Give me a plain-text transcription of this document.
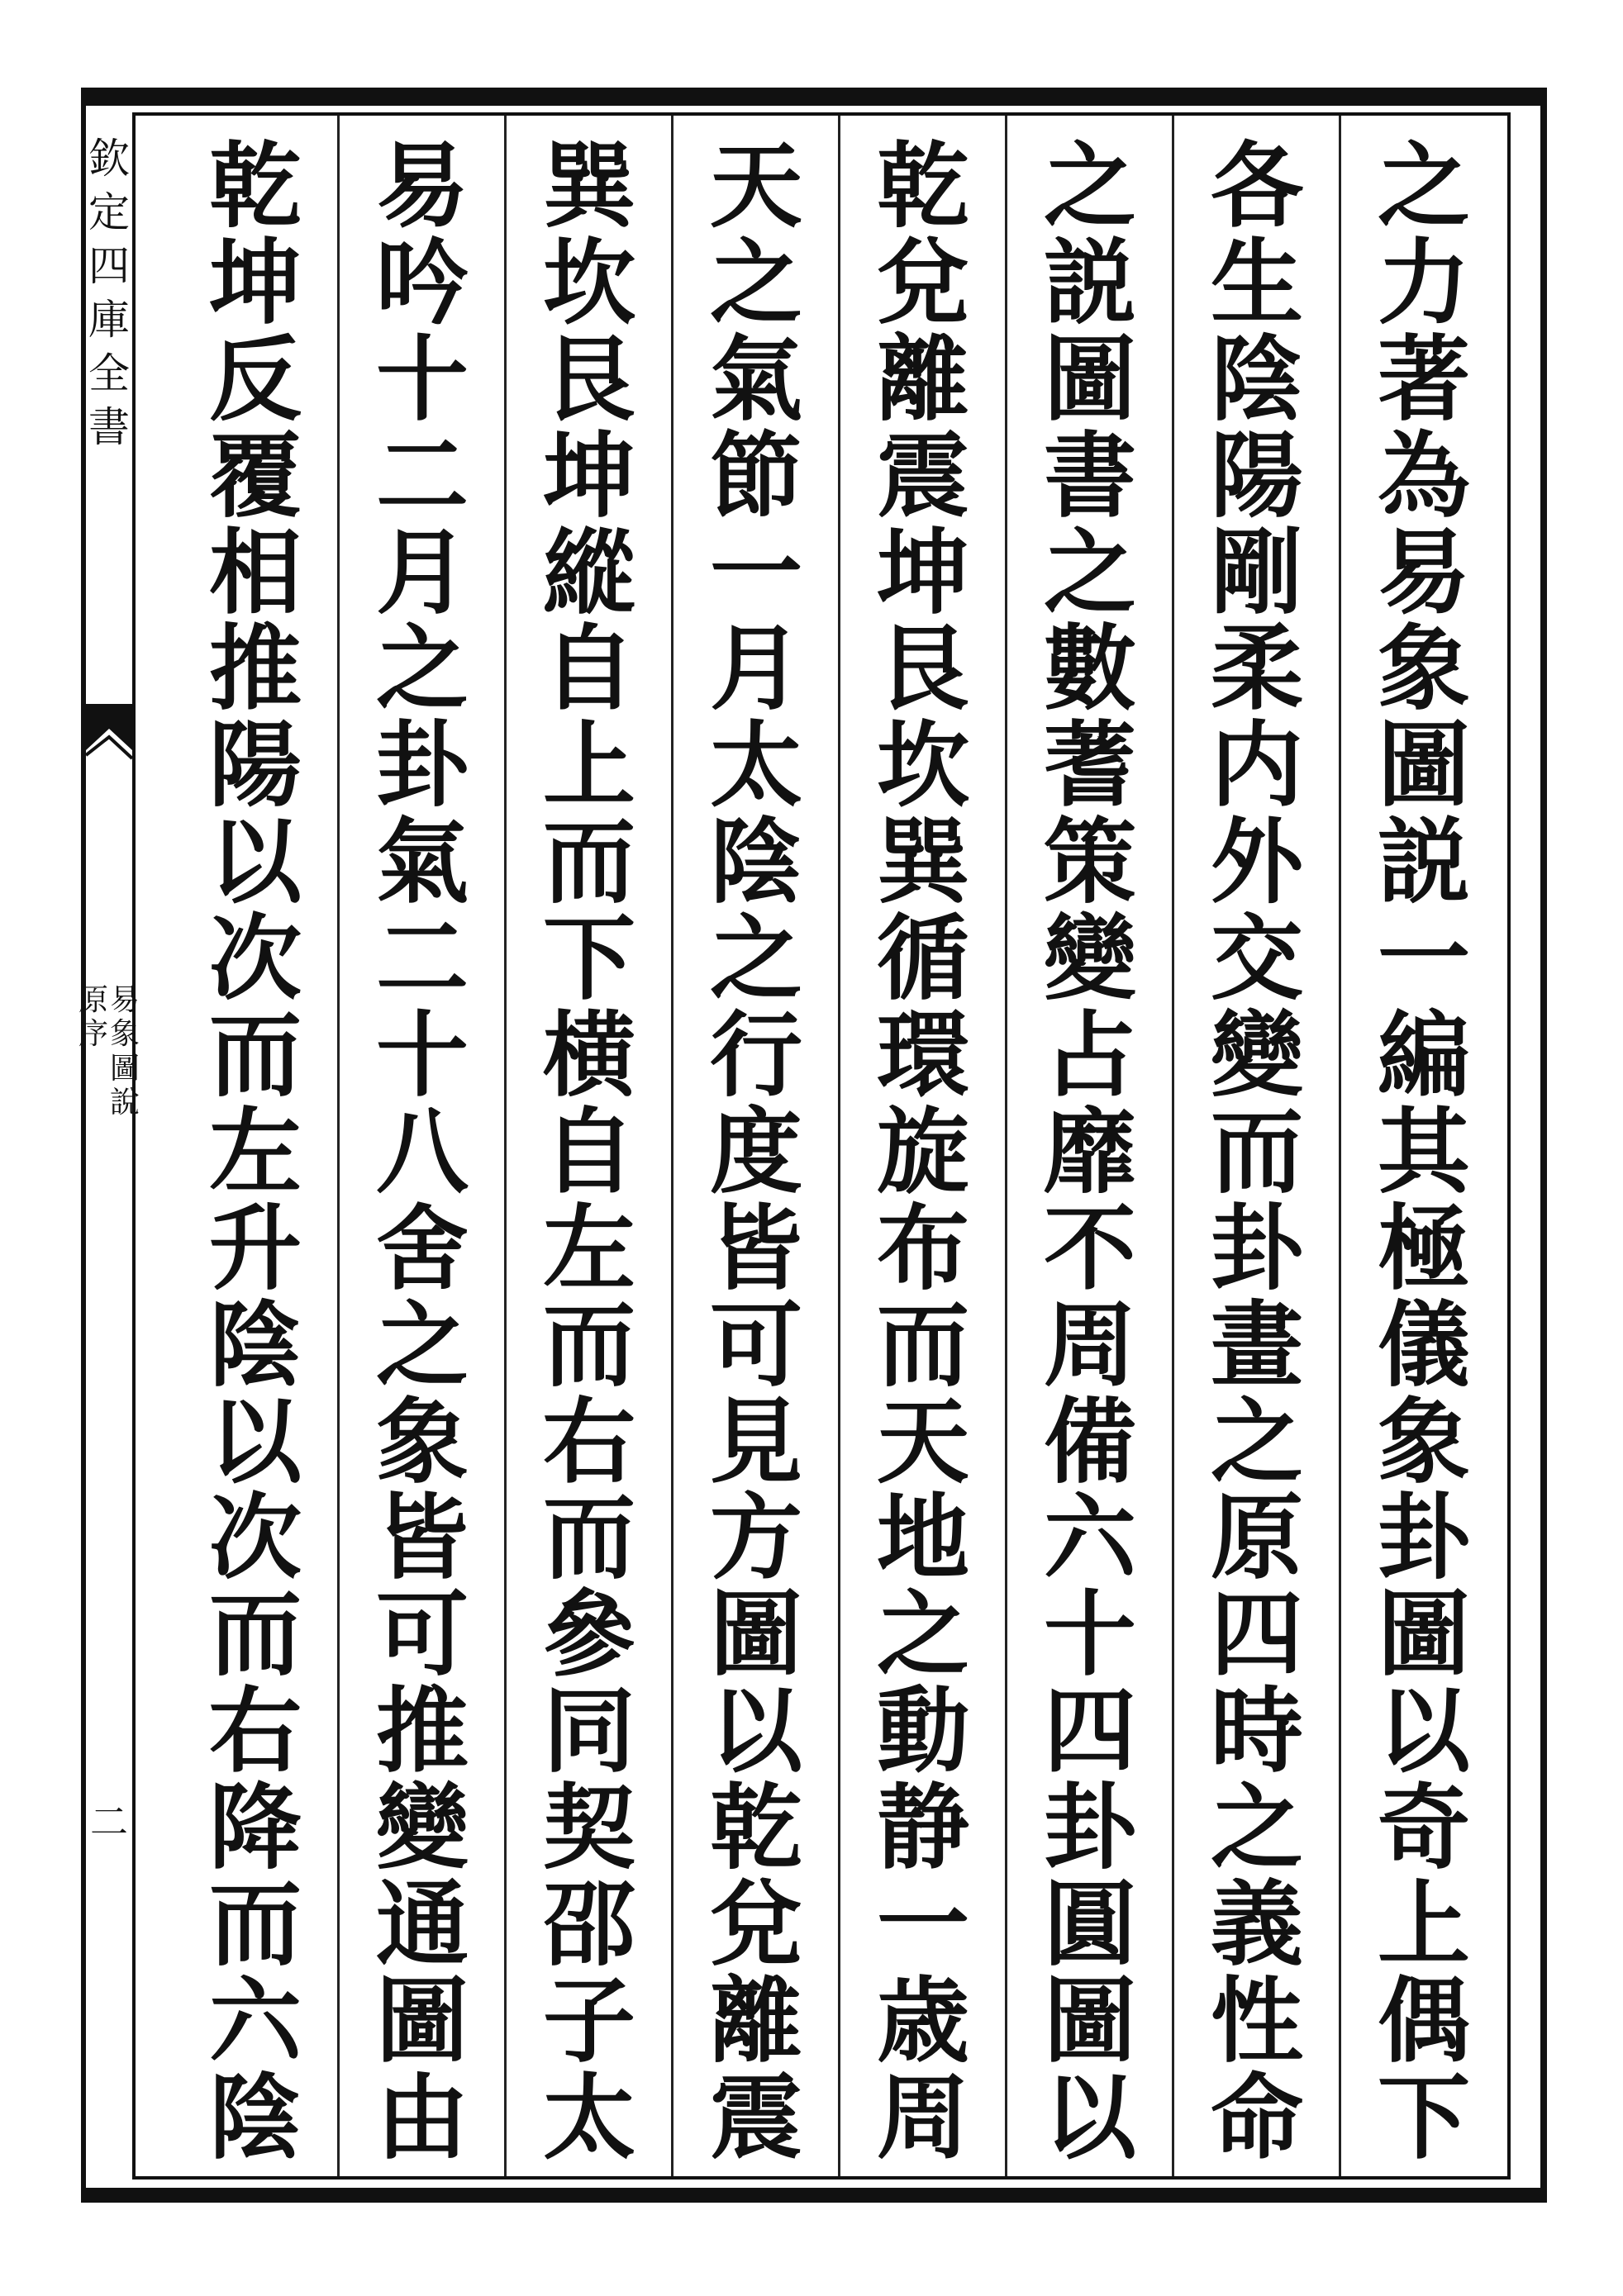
欽
定
四
庫
全
書
易
象
圖
說
原
序
二
之
力
著
為
易
象
圖
説
一
編
其
極
儀
象
卦
圖
以
奇
上
偶
下
各
生
陰
陽
剛
柔
内
外
交
變
而
卦
畫
之
原
四
時
之
義
性
命
之
説
圖
書
之
數
蓍
策
變
占
靡
不
周
備
六
十
四
卦
圓
圖
以
乾
兌
離
震
坤
艮
坎
巽
循
環
旋
布
而
天
地
之
動
静
一
歳
周
天
之
氣
節
一
月
太
陰
之
行
度
皆
可
見
方
圖
以
乾
兌
離
震
巽
坎
艮
坤
縱
自
上
而
下
横
自
左
而
右
而
參
同
契
邵
子
太
易
吟
十
二
月
之
卦
氣
二
十
八
舍
之
象
皆
可
推
變
通
圖
由
乾
坤
反
覆
相
推
陽
以
次
而
左
升
陰
以
次
而
右
降
而
六
陰
